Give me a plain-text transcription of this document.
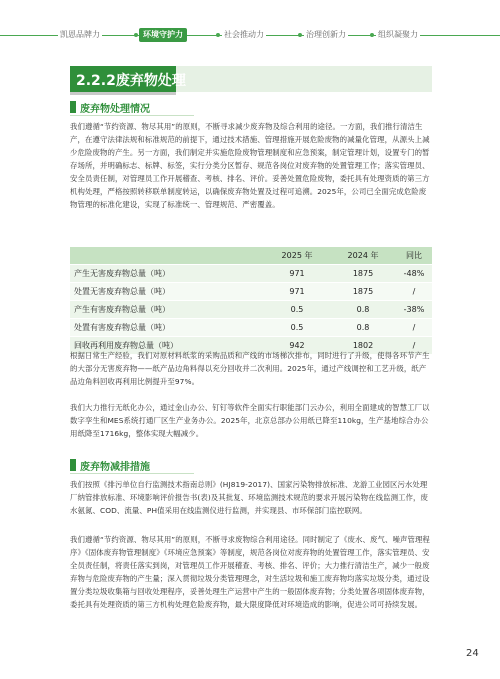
凯恩品牌力	环境守护力	社会推动力	治理创新力	组织凝聚力
2.2.2废弃物处理
废弃物处理情况

我们遵循“节约资源、物尽其用”的原则，不断寻求减少废弃物及综合利用的途径。一方面，我们推行清洁生产，在遵守法律法规和标准规范的前提下，通过技术措施、管理措施开展危险废物的减量化管理，从源头上减少危险废物的产生。另一方面，我们制定并实施危险废物管理制度和应急预案，制定管理计划，设置专门的暂存场所，并明确标志、标牌、标签，实行分类分区暂存、规范各岗位对废弃物的处置管理工作；落实管理员、安全员责任制，对管理员工作开展稽查、考核、排名、评价。妥善处置危险废物，委托具有处理资质的第三方机构处理，严格按照转移联单制度转运，以确保废弃物处置及过程可追溯。2025年，公司已全面完成危险废物管理的标准化建设，实现了标准统一、管理规范、严密覆盖。

	2025 年	2024 年	同比
产生无害废弃物总量（吨）	971	1875	-48%
处置无害废弃物总量（吨）	971	1875	/
产生有害废弃物总量（吨）	0.5	0.8	-38%
处置有害废弃物总量（吨）	0.5	0.8	/
回收再利用废弃物总量（吨）	942	1802	/

根据日常生产经验，我们对原材料纸浆的采购品质和产线的市场梯次排布，同时进行了升级，使得各环节产生的大部分无害废弃物——纸产品边角料得以充分回收并二次利用。2025年，通过产线调控和工艺升级，纸产品边角料回收再利用比例提升至97%。

我们大力推行无纸化办公，通过金山办公、钉钉等软件全面实行职能部门云办公，利用全面建成的智慧工厂以数字孪生和MES系统打通厂区生产业务办公。2025年，北京总部办公用纸已降至110kg，生产基地综合办公用纸降至1716kg，整体实现大幅减少。

废弃物减排措施

我们按照《排污单位自行监测技术指南总则》(HJ819-2017)、国家污染物排放标准、龙游工业园区污水处理厂纳管排放标准、环境影响评价报告书(表)及其批复、环境监测技术规范的要求开展污染物在线监测工作，废水氨氮、COD、流量、PH值采用在线监测仪进行监测，并实现县、市环保部门监控联网。

我们遵循“节约资源、物尽其用”的原则，不断寻求废物综合利用途径。同时制定了《废水、废气、噪声管理程序》《固体废弃物管理制度》《环境应急预案》等制度，规范各岗位对废弃物的处置管理工作，落实管理员、安全员责任制，将责任落实到岗，对管理员工作开展稽查、考核、排名、评价；大力推行清洁生产，减少一般废弃物与危险废弃物的产生量；深入贯彻垃圾分类管理理念，对生活垃圾和施工废弃物均落实垃圾分类，通过设置分类垃圾收集箱与回收处理程序，妥善处理生产运营中产生的一般固体废弃物；分类处置各项固体废弃物，委托具有处理资质的第三方机构处理危险废弃物，最大限度降低对环境造成的影响，促进公司可持续发展。

24
